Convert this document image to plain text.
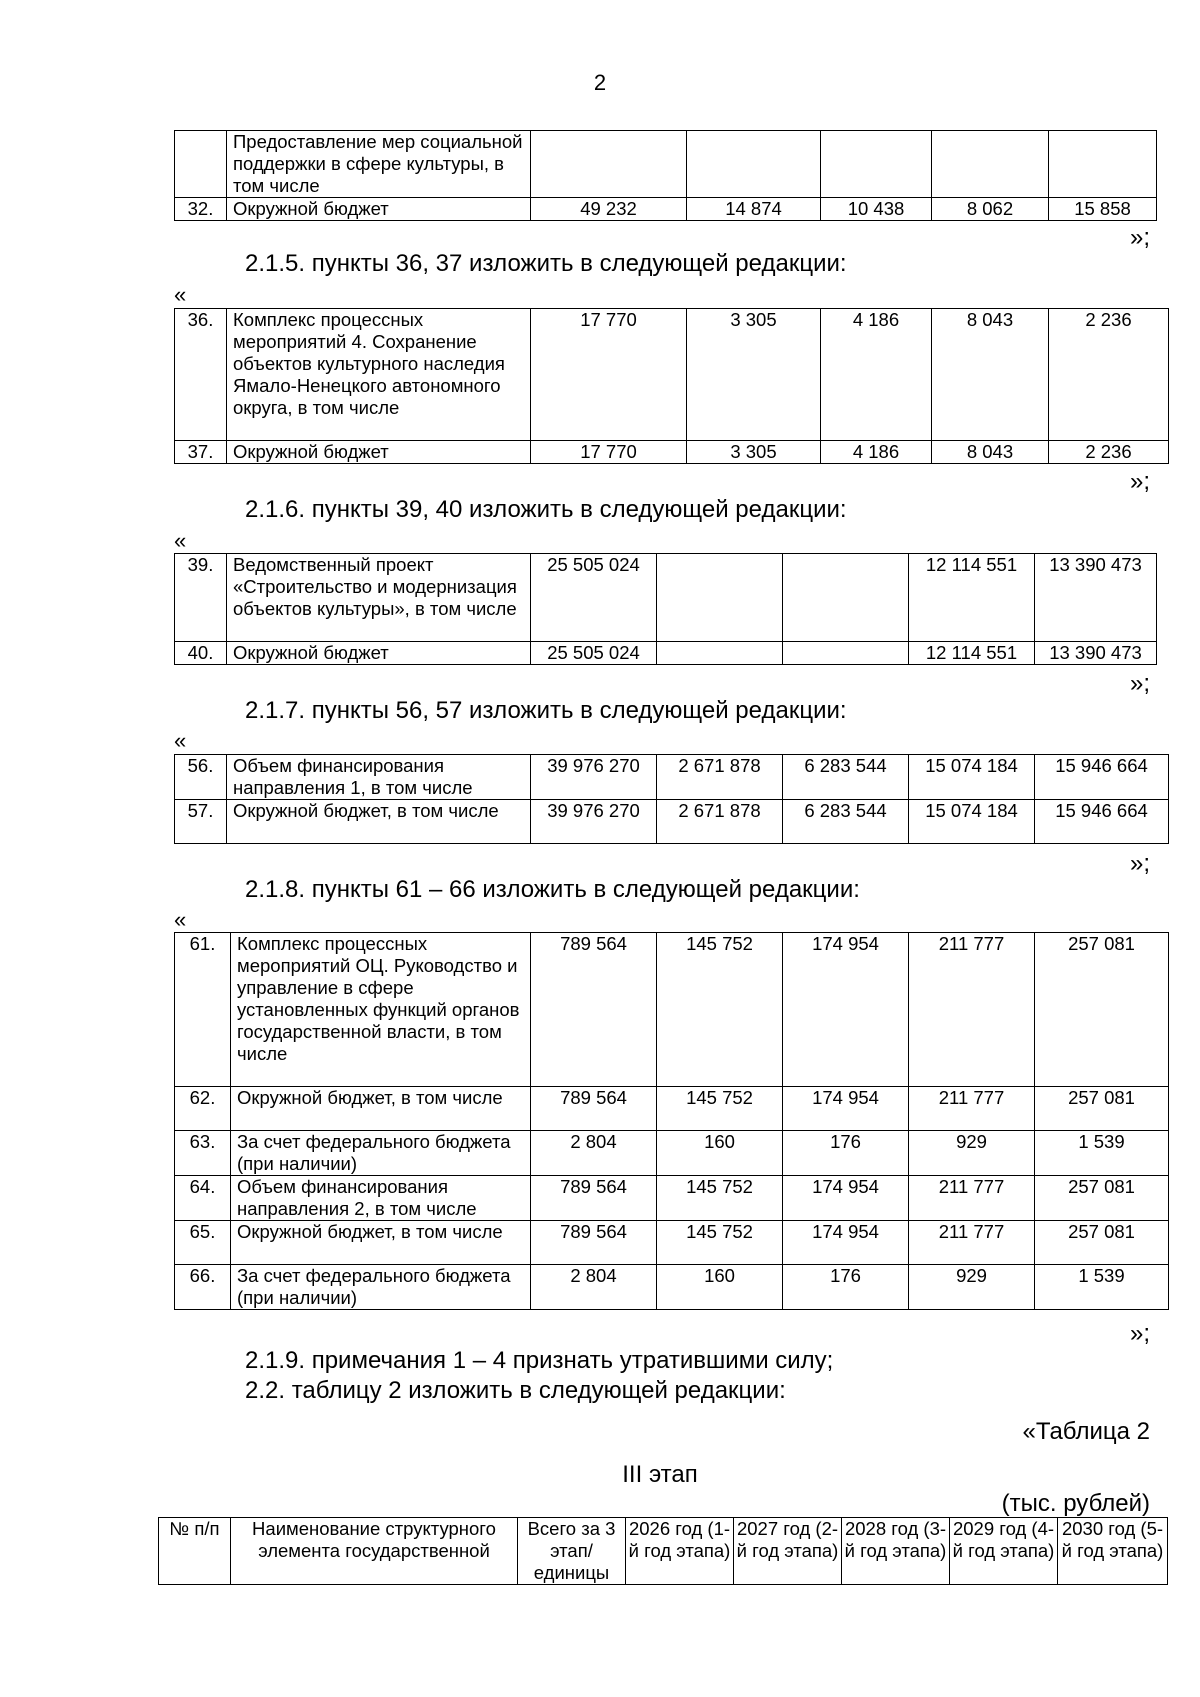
2
	Предоставление мер социальной поддержки в сфере культуры, в том числе					
32.	Окружной бюджет	49 232	14 874	10 438	8 062	15 858
»;
2.1.5. пункты 36, 37 изложить в следующей редакции:
«
36.	Комплекс процессных мероприятий 4. Сохранение объектов культурного наследия Ямало-Ненецкого автономного округа, в том числе	17 770	3 305	4 186	8 043	2 236
37.	Окружной бюджет	17 770	3 305	4 186	8 043	2 236
»;
2.1.6. пункты 39, 40 изложить в следующей редакции:
«
39.	Ведомственный проект «Строительство и модернизация объектов культуры», в том числе	25 505 024			12 114 551	13 390 473
40.	Окружной бюджет	25 505 024			12 114 551	13 390 473
»;
2.1.7. пункты 56, 57 изложить в следующей редакции:
«
56.	Объем финансирования направления 1, в том числе	39 976 270	2 671 878	6 283 544	15 074 184	15 946 664
57.	Окружной бюджет, в том числе	39 976 270	2 671 878	6 283 544	15 074 184	15 946 664
»;
2.1.8. пункты 61 – 66 изложить в следующей редакции:
«
61.	Комплекс процессных мероприятий ОЦ. Руководство и управление в сфере установленных функций органов государственной власти, в том числе	789 564	145 752	174 954	211 777	257 081
62.	Окружной бюджет, в том числе	789 564	145 752	174 954	211 777	257 081
63.	За счет федерального бюджета (при наличии)	2 804	160	176	929	1 539
64.	Объем финансирования направления 2, в том числе	789 564	145 752	174 954	211 777	257 081
65.	Окружной бюджет, в том числе	789 564	145 752	174 954	211 777	257 081
66.	За счет федерального бюджета (при наличии)	2 804	160	176	929	1 539
»;
2.1.9. примечания 1 – 4 признать утратившими силу;
2.2. таблицу 2 изложить в следующей редакции:
«Таблица 2
III этап
(тыс. рублей)
№ п/п	Наименование структурного элемента государственной	Всего за 3 этап/ единицы	2026 год (1-й год этапа)	2027 год (2-й год этапа)	2028 год (3-й год этапа)	2029 год (4-й год этапа)	2030 год (5-й год этапа)
